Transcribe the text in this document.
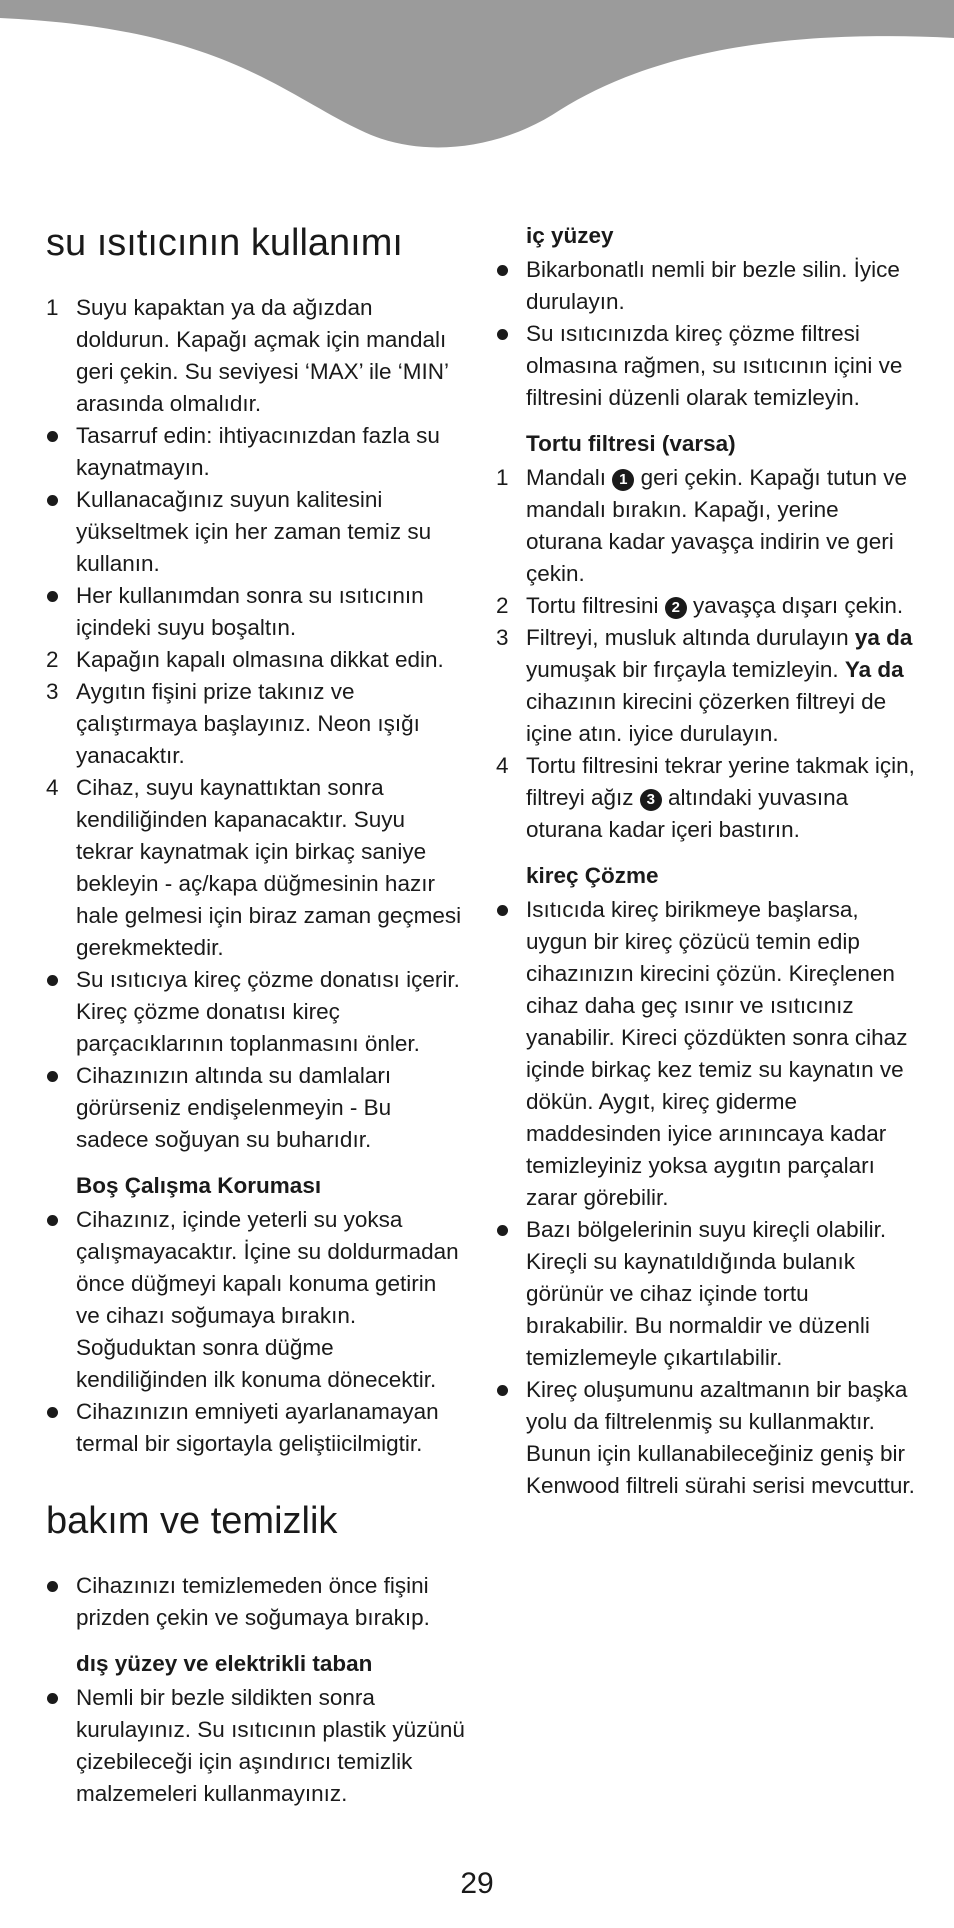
su ısıtıcının kullanımı

1 Suyu kapaktan ya da ağızdan doldurun. Kapağı açmak için mandalı geri çekin. Su seviyesi ‘MAX’ ile ‘MIN’ arasında olmalıdır.

Tasarruf edin: ihtiyacınızdan fazla su kaynatmayın.

Kullanacağınız suyun kalitesini yükseltmek için her zaman temiz su kullanın.

Her kullanımdan sonra su ısıtıcının içindeki suyu boşaltın.

2 Kapağın kapalı olmasına dikkat edin.

3 Aygıtın fişini prize takınız ve çalıştırmaya başlayınız. Neon ışığı yanacaktır.

4 Cihaz, suyu kaynattıktan sonra kendiliğinden kapanacaktır. Suyu tekrar kaynatmak için birkaç saniye bekleyin - aç/kapa düğmesinin hazır hale gelmesi için biraz zaman geçmesi gerekmektedir.

Su ısıtıcıya kireç çözme donatısı içerir. Kireç çözme donatısı kireç parçacıklarının toplanmasını önler.

Cihazınızın altında su damlaları görürseniz endişelenmeyin - Bu sadece soğuyan su buharıdır.

Boş Çalışma Koruması

Cihazınız, içinde yeterli su yoksa çalışmayacaktır. İçine su doldurmadan önce düğmeyi kapalı konuma getirin ve cihazı soğumaya bırakın. Soğuduktan sonra düğme kendiliğinden ilk konuma dönecektir.

Cihazınızın emniyeti ayarlanamayan termal bir sigortayla geliştiicilmigtir.

bakım ve temizlik

Cihazınızı temizlemeden önce fişini prizden çekin ve soğumaya bırakıp.

dış yüzey ve elektrikli taban

Nemli bir bezle sildikten sonra kurulayınız. Su ısıtıcının plastik yüzünü çizebileceği için aşındırıcı temizlik malzemeleri kullanmayınız.

iç yüzey

Bikarbonatlı nemli bir bezle silin. İyice durulayın.

Su ısıtıcınızda kireç çözme filtresi olmasına rağmen, su ısıtıcının içini ve filtresini düzenli olarak temizleyin.

Tortu filtresi (varsa)

1 Mandalı 1 geri çekin. Kapağı tutun ve mandalı bırakın. Kapağı, yerine oturana kadar yavaşça indirin ve geri çekin.

2 Tortu filtresini 2 yavaşça dışarı çekin.

3 Filtreyi, musluk altında durulayın ya da yumuşak bir fırçayla temizleyin. Ya da cihazının kirecini çözerken filtreyi de içine atın. iyice durulayın.

4 Tortu filtresini tekrar yerine takmak için, filtreyi ağız 3 altındaki yuvasına oturana kadar içeri bastırın.

kireç Çözme

Isıtıcıda kireç birikmeye başlarsa, uygun bir kireç çözücü temin edip cihazınızın kirecini çözün. Kireçlenen cihaz daha geç ısınır ve ısıtıcınız yanabilir. Kireci çözdükten sonra cihaz içinde birkaç kez temiz su kaynatın ve dökün. Aygıt, kireç giderme maddesinden iyice arınıncaya kadar temizleyiniz yoksa aygıtın parçaları zarar görebilir.

Bazı bölgelerinin suyu kireçli olabilir. Kireçli su kaynatıldığında bulanık görünür ve cihaz içinde tortu bırakabilir. Bu normaldir ve düzenli temizlemeyle çıkartılabilir.

Kireç oluşumunu azaltmanın bir başka yolu da filtrelenmiş su kullanmaktır. Bunun için kullanabileceğiniz geniş bir Kenwood filtreli sürahi serisi mevcuttur.

29
